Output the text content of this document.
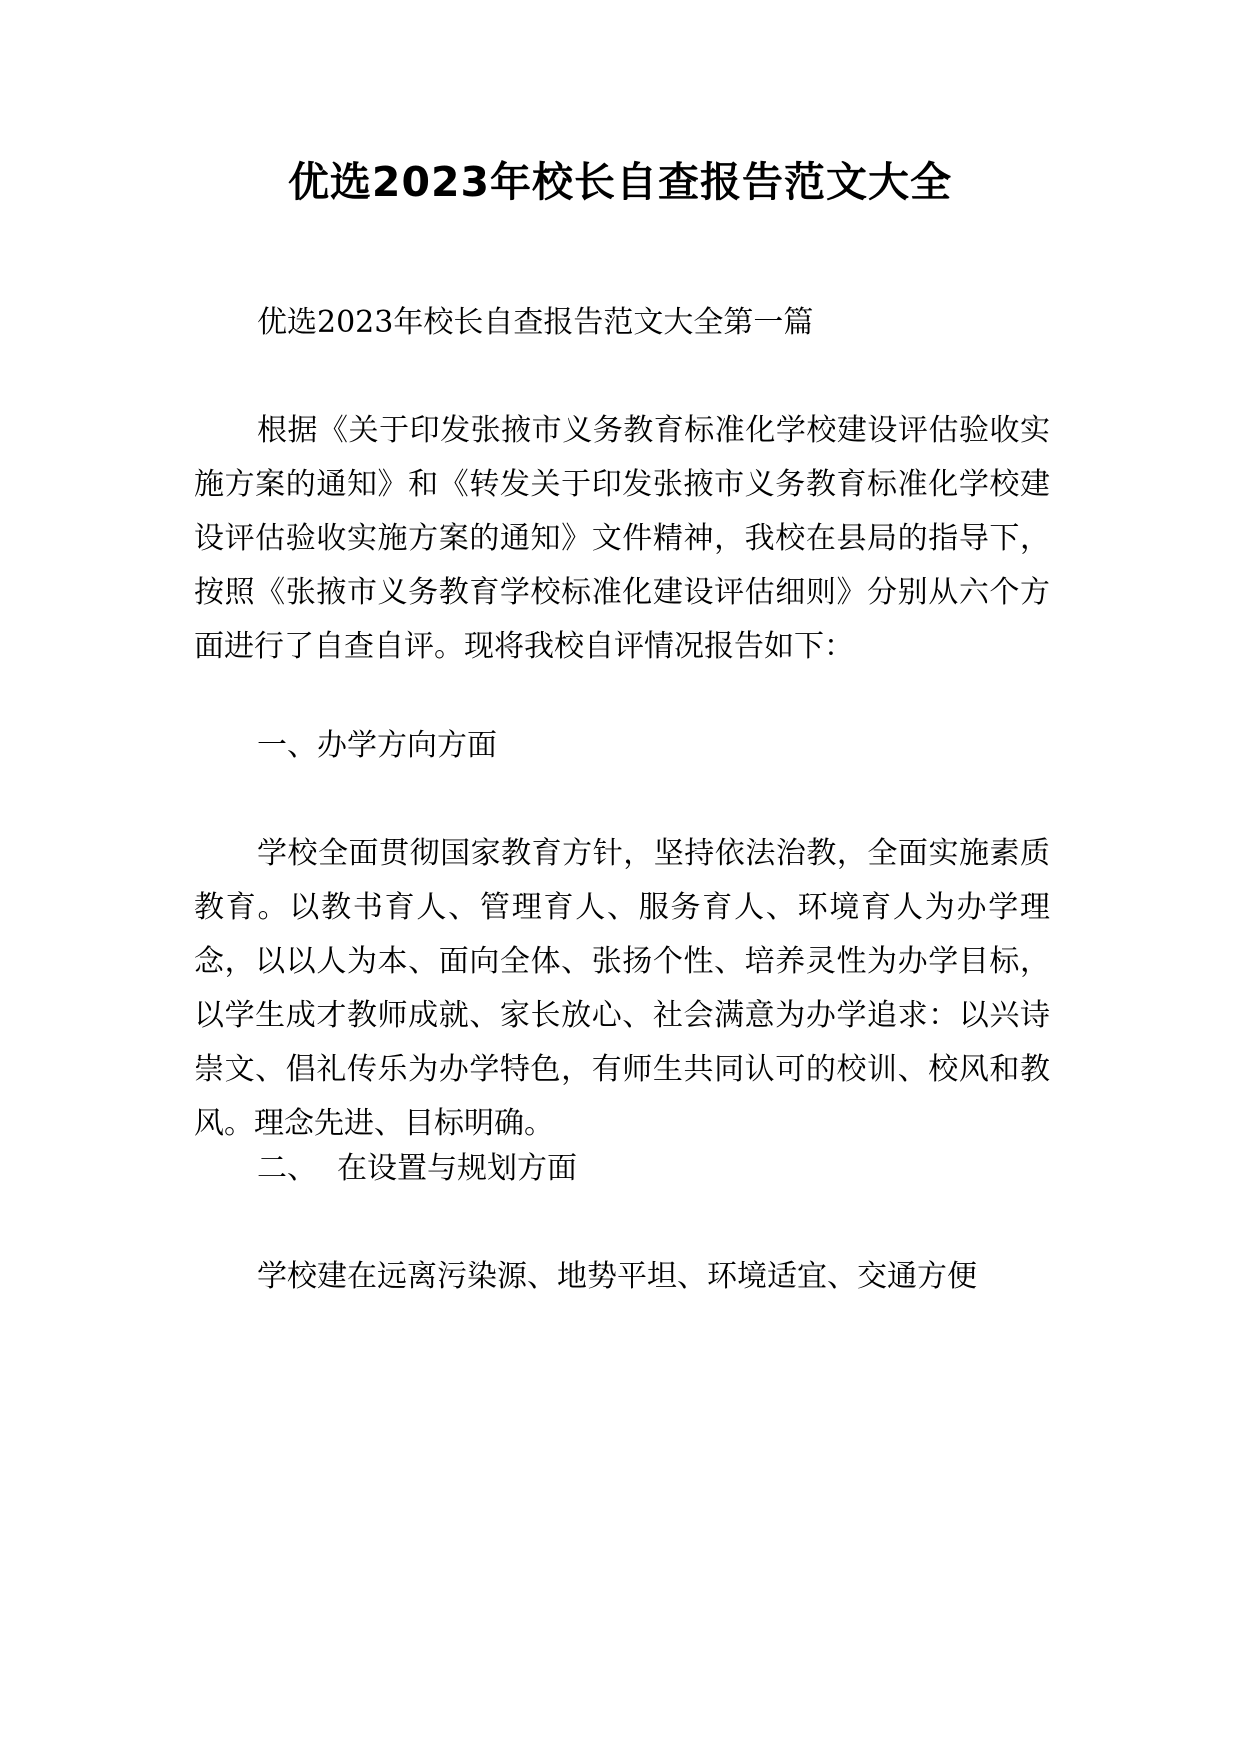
优选2023年校长自查报告范文大全

优选2023年校长自查报告范文大全第一篇

根据《关于印发张掖市义务教育标准化学校建设评估验收实施方案的通知》和《转发关于印发张掖市义务教育标准化学校建设评估验收实施方案的通知》文件精神，我校在县局的指导下，按照《张掖市义务教育学校标准化建设评估细则》分别从六个方面进行了自查自评。现将我校自评情况报告如下：

一、办学方向方面

学校全面贯彻国家教育方针，坚持依法治教，全面实施素质教育。以教书育人、管理育人、服务育人、环境育人为办学理念，以以人为本、面向全体、张扬个性、培养灵性为办学目标，以学生成才教师成就、家长放心、社会满意为办学追求：以兴诗崇文、倡礼传乐为办学特色，有师生共同认可的校训、校风和教风。理念先进、目标明确。

二、 在设置与规划方面

学校建在远离污染源、地势平坦、环境适宜、交通方便
